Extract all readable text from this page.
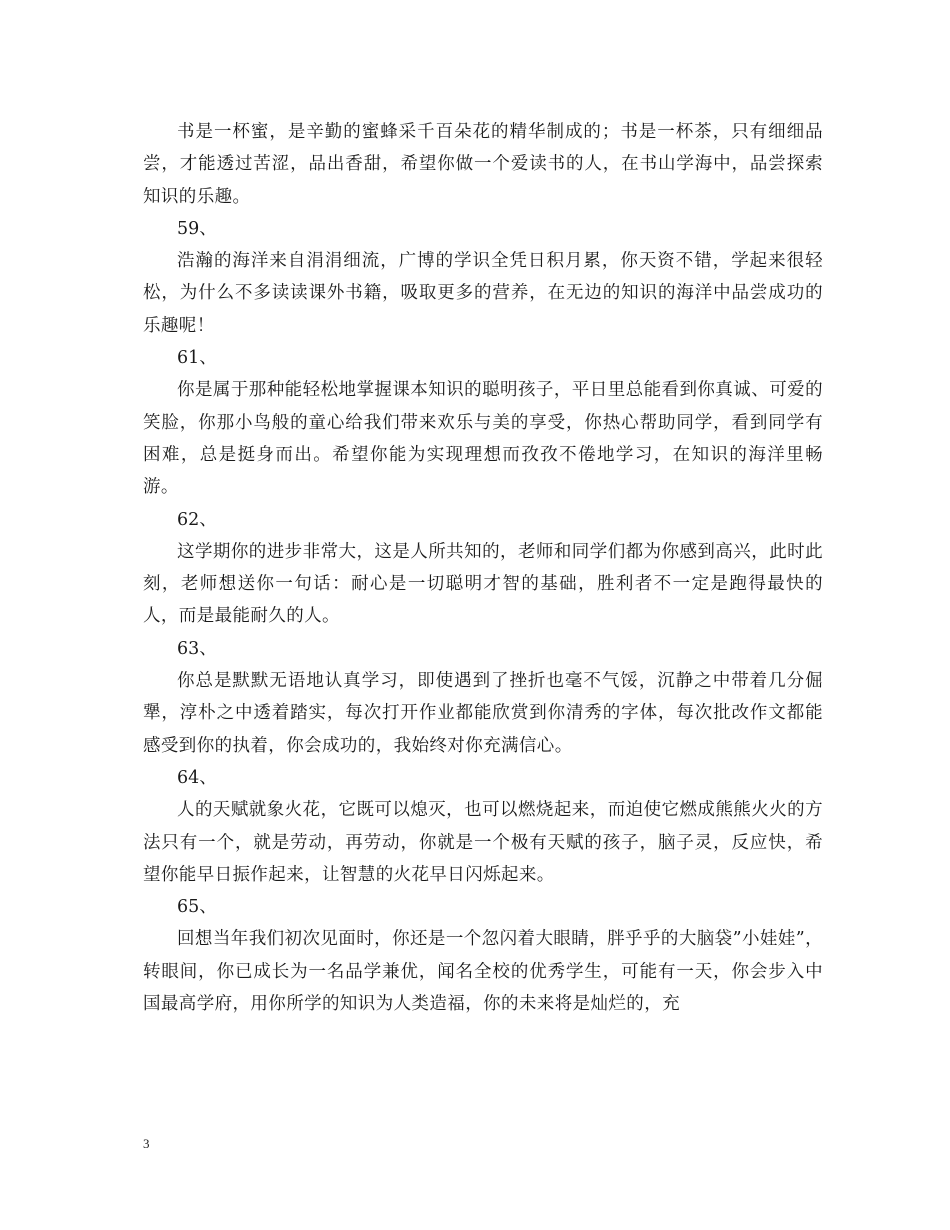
书是一杯蜜，是辛勤的蜜蜂采千百朵花的精华制成的；书是一杯茶，只有细细品尝，才能透过苦涩，品出香甜，希望你做一个爱读书的人，在书山学海中，品尝探索知识的乐趣。

59、

浩瀚的海洋来自涓涓细流，广博的学识全凭日积月累，你天资不错，学起来很轻松，为什么不多读读课外书籍，吸取更多的营养，在无边的知识的海洋中品尝成功的乐趣呢！

61、

你是属于那种能轻松地掌握课本知识的聪明孩子，平日里总能看到你真诚、可爱的笑脸，你那小鸟般的童心给我们带来欢乐与美的享受，你热心帮助同学，看到同学有困难，总是挺身而出。希望你能为实现理想而孜孜不倦地学习，在知识的海洋里畅游。

62、

这学期你的进步非常大，这是人所共知的，老师和同学们都为你感到高兴，此时此刻，老师想送你一句话：耐心是一切聪明才智的基础，胜利者不一定是跑得最快的人，而是最能耐久的人。

63、

你总是默默无语地认真学习，即使遇到了挫折也毫不气馁，沉静之中带着几分倔犟，淳朴之中透着踏实，每次打开作业都能欣赏到你清秀的字体，每次批改作文都能感受到你的执着，你会成功的，我始终对你充满信心。

64、

人的天赋就象火花，它既可以熄灭，也可以燃烧起来，而迫使它燃成熊熊火火的方法只有一个，就是劳动，再劳动，你就是一个极有天赋的孩子，脑子灵，反应快，希望你能早日振作起来，让智慧的火花早日闪烁起来。

65、

回想当年我们初次见面时，你还是一个忽闪着大眼睛，胖乎乎的大脑袋”小娃娃”，转眼间，你已成长为一名品学兼优，闻名全校的优秀学生，可能有一天，你会步入中国最高学府，用你所学的知识为人类造福，你的未来将是灿烂的，充

3
